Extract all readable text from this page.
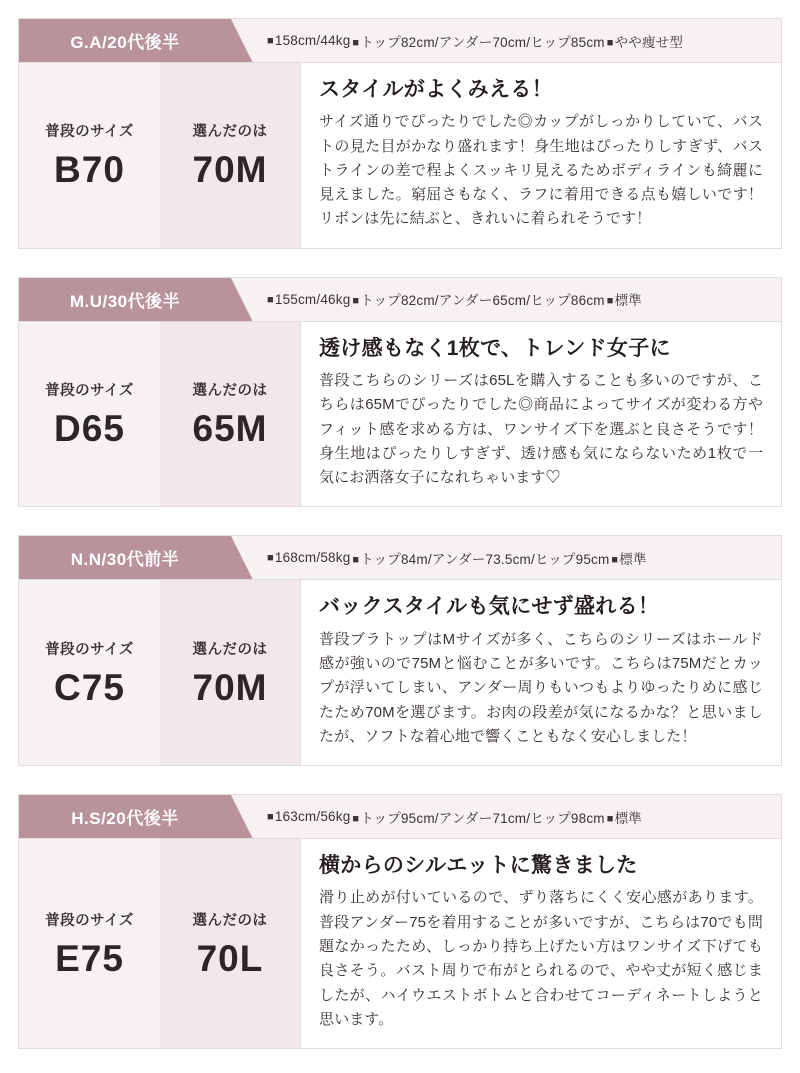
G.A/20代後半	■ 158cm/44kg ■ トップ82cm/アンダー70cm/ヒップ85cm ■ やや痩せ型
普段のサイズ
B70
選んだのは
70M

スタイルがよくみえる！

サイズ通りでぴったりでした◎カップがしっかりしていて、バストの見た目がかなり盛れます！身生地はぴったりしすぎず、バストラインの差で程よくスッキリ見えるためボディラインも綺麗に見えました。窮屈さもなく、ラフに着用できる点も嬉しいです！リボンは先に結ぶと、きれいに着られそうです！

M.U/30代後半	■ 155cm/46kg ■ トップ82cm/アンダー65cm/ヒップ86cm ■ 標準
普段のサイズ
D65
選んだのは
65M

透け感もなく1枚で、トレンド女子に

普段こちらのシリーズは65Lを購入することも多いのですが、こちらは65Mでぴったりでした◎商品によってサイズが変わる方やフィット感を求める方は、ワンサイズ下を選ぶと良さそうです！身生地はぴったりしすぎず、透け感も気にならないため1枚で一気にお洒落女子になれちゃいます♡

N.N/30代前半	■ 168cm/58kg ■ トップ84m/アンダー73.5cm/ヒップ95cm ■ 標準
普段のサイズ
C75
選んだのは
70M

バックスタイルも気にせず盛れる！

普段ブラトップはMサイズが多く、こちらのシリーズはホールド感が強いので75Mと悩むことが多いです。こちらは75Mだとカップが浮いてしまい、アンダー周りもいつもよりゆったりめに感じたため70Mを選びます。お肉の段差が気になるかな？と思いましたが、ソフトな着心地で響くこともなく安心しました！

H.S/20代後半	■ 163cm/56kg ■ トップ95cm/アンダー71cm/ヒップ98cm ■ 標準
普段のサイズ
E75
選んだのは
70L

横からのシルエットに驚きました

滑り止めが付いているので、ずり落ちにくく安心感があります。普段アンダー75を着用することが多いですが、こちらは70でも問題なかったため、しっかり持ち上げたい方はワンサイズ下げても良さそう。バスト周りで布がとられるので、やや丈が短く感じましたが、ハイウエストボトムと合わせてコーディネートしようと思います。
